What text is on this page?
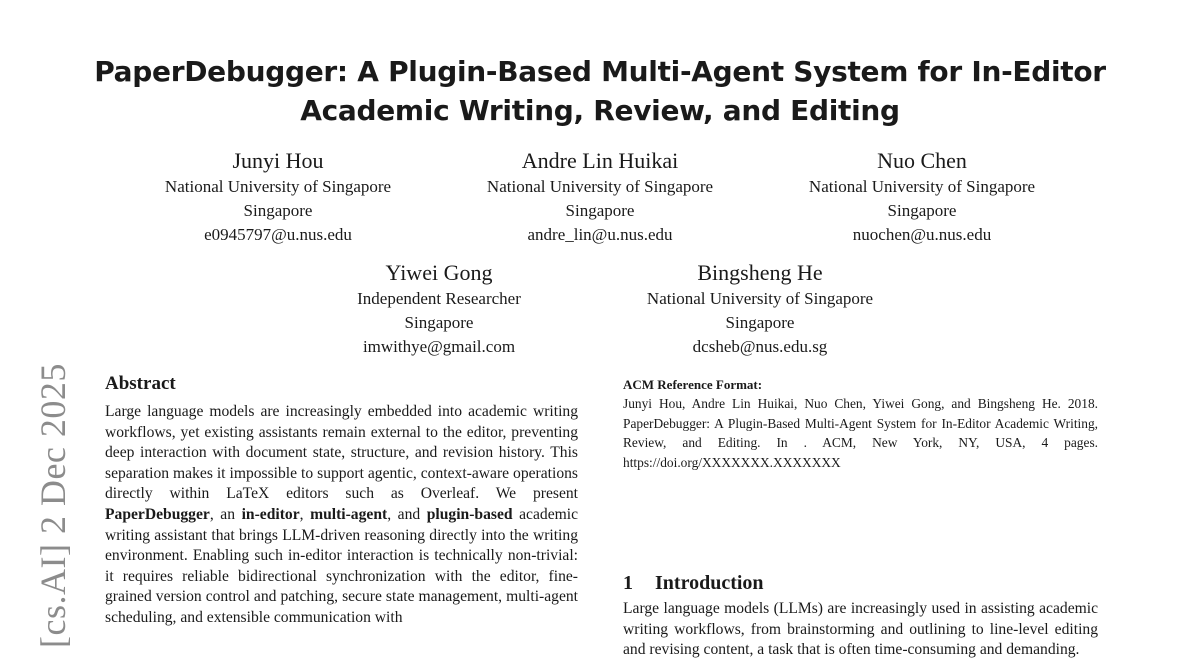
PaperDebugger: A Plugin-Based Multi-Agent System for In-Editor
Academic Writing, Review, and Editing
Junyi Hou
National University of Singapore
Singapore
e0945797@u.nus.edu
Andre Lin Huikai
National University of Singapore
Singapore
andre_lin@u.nus.edu
Nuo Chen
National University of Singapore
Singapore
nuochen@u.nus.edu
Yiwei Gong
Independent Researcher
Singapore
imwithye@gmail.com
Bingsheng He
National University of Singapore
Singapore
dcsheb@nus.edu.sg
[cs.AI] 2 Dec 2025 Abstract
Large language models are increasingly embedded into academic writing workflows, yet existing assistants remain external to the editor, preventing deep interaction with document state, structure, and revision history. This separation makes it impossible to support agentic, context-aware operations directly within LaTeX editors such as Overleaf. We present PaperDebugger, an in-editor, multi-agent, and plugin-based academic writing assistant that brings LLM-driven reasoning directly into the writing environment. Enabling such in-editor interaction is technically non-trivial: it requires reliable bidirectional synchronization with the editor, fine-grained version control and patching, secure state management, multi-agent scheduling, and extensible communication with
ACM Reference Format:
Junyi Hou, Andre Lin Huikai, Nuo Chen, Yiwei Gong, and Bingsheng He. 2018. PaperDebugger: A Plugin-Based Multi-Agent System for In-Editor Academic Writing, Review, and Editing. In . ACM, New York, NY, USA, 4 pages. https://doi.org/XXXXXXX.XXXXXXX
1 Introduction
Large language models (LLMs) are increasingly used in assisting academic writing workflows, from brainstorming and outlining to line-level editing and revising content, a task that is often time-consuming and demanding.
